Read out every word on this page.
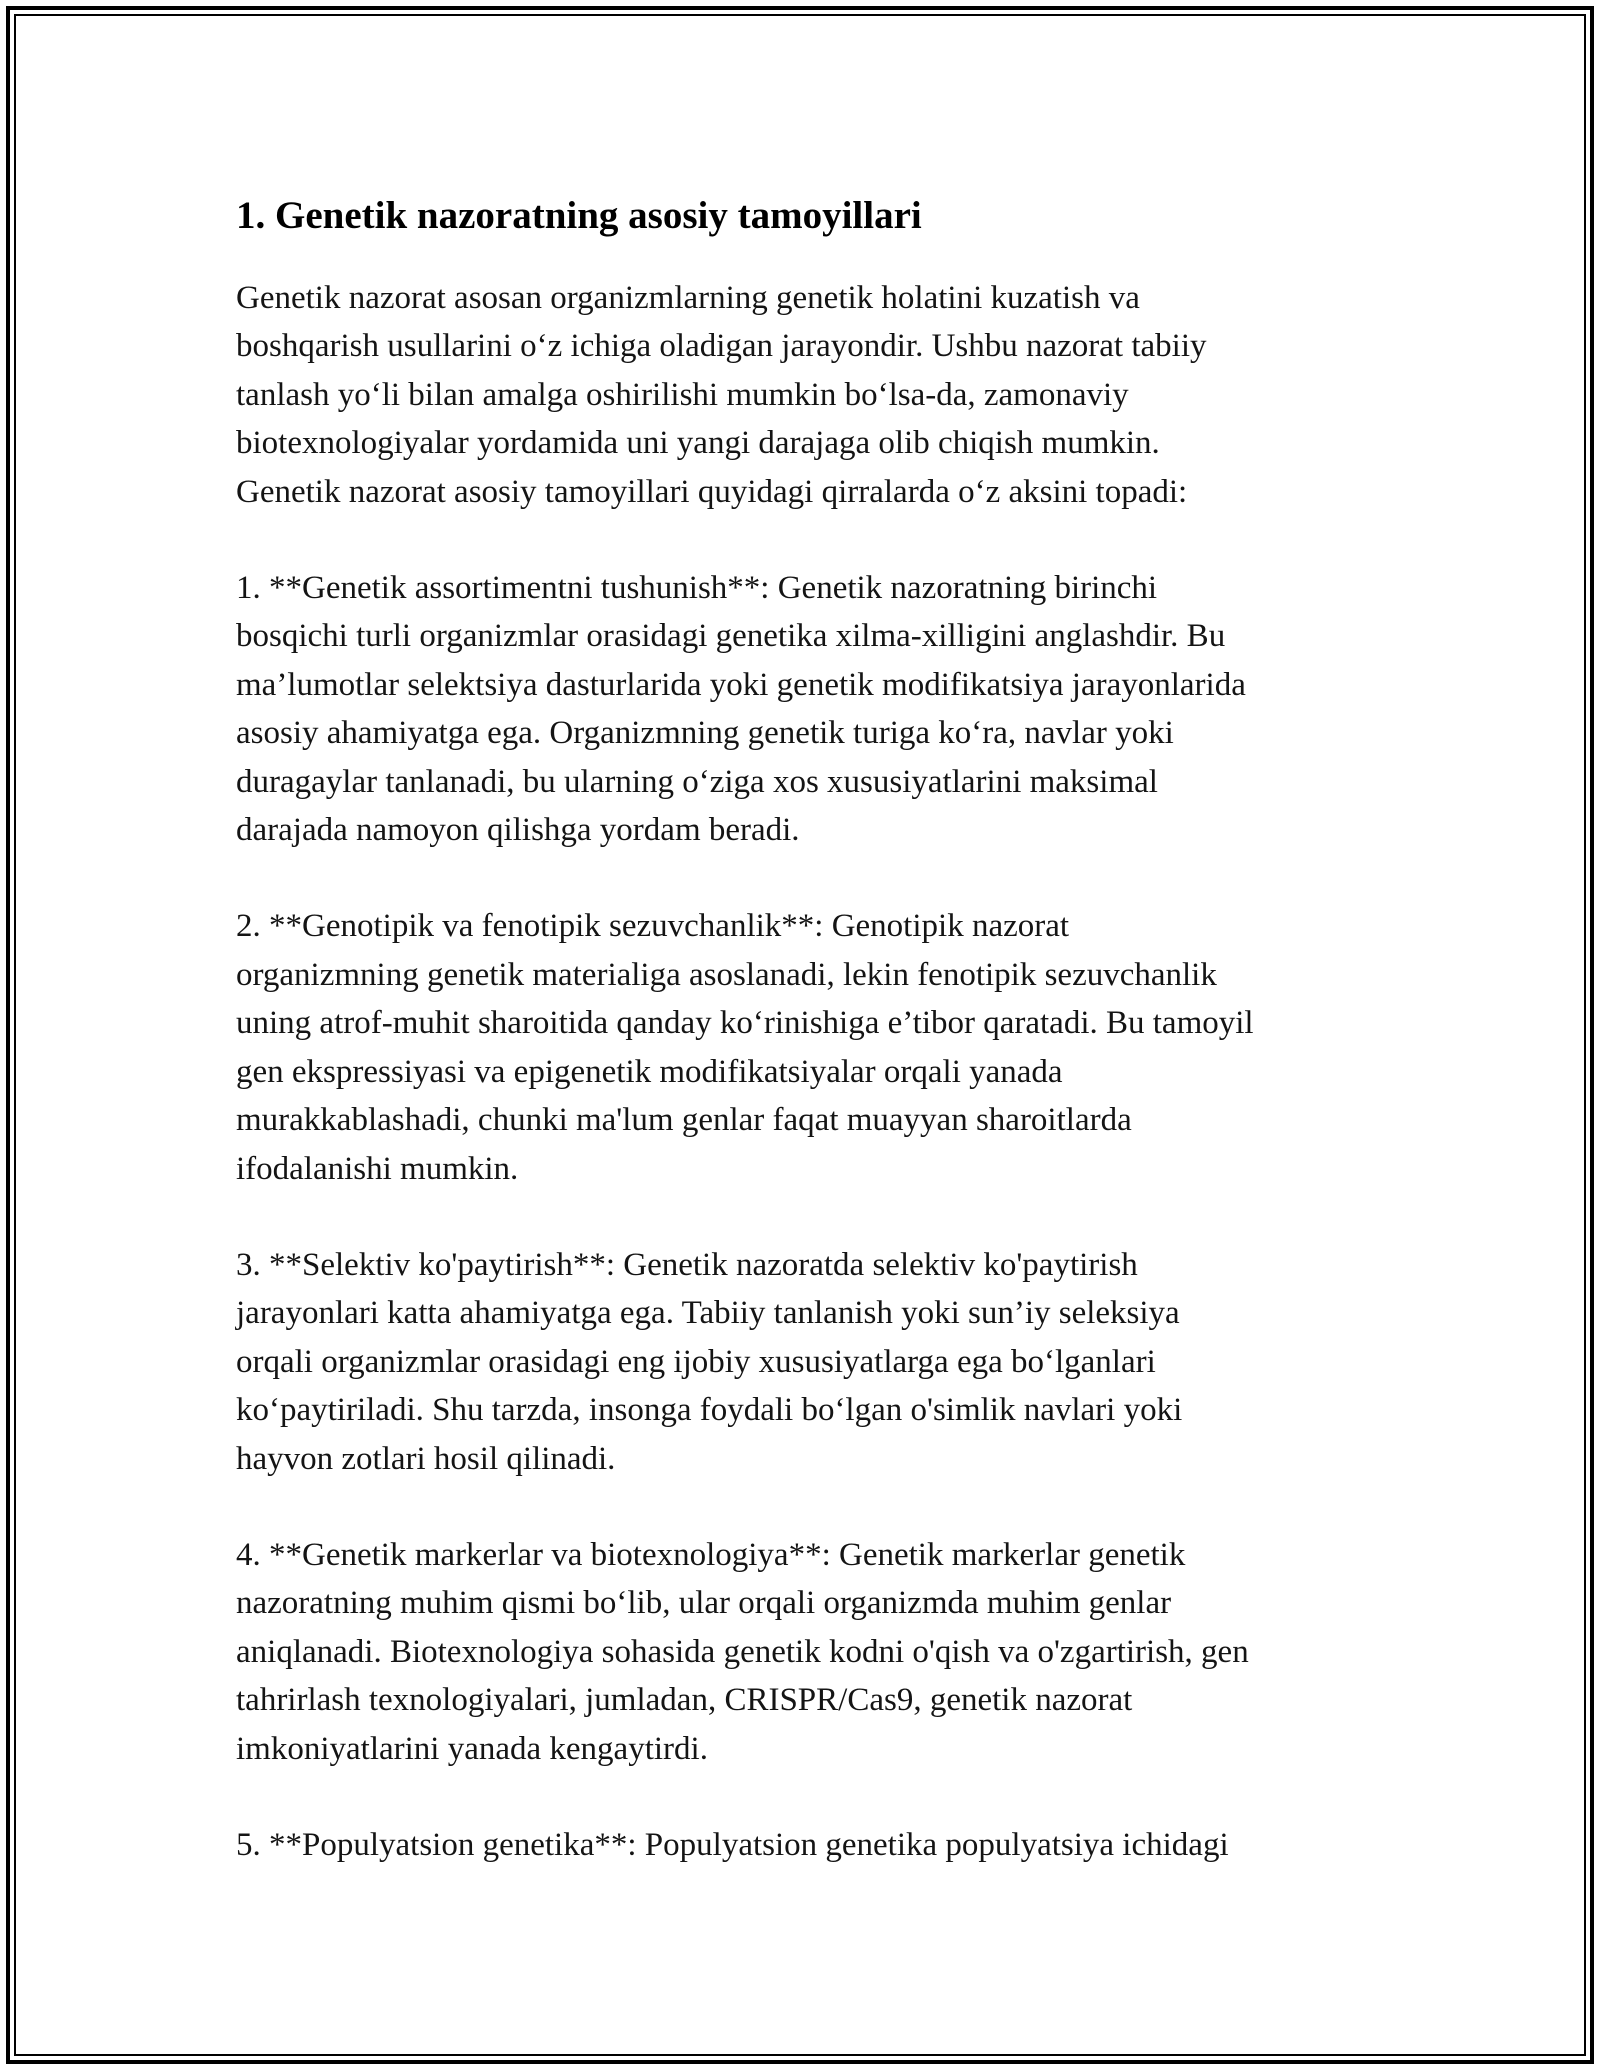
1. Genetik nazoratning asosiy tamoyillari

Genetik nazorat asosan organizmlarning genetik holatini kuzatish va
boshqarish usullarini o‘z ichiga oladigan jarayondir. Ushbu nazorat tabiiy
tanlash yo‘li bilan amalga oshirilishi mumkin bo‘lsa-da, zamonaviy
biotexnologiyalar yordamida uni yangi darajaga olib chiqish mumkin.
Genetik nazorat asosiy tamoyillari quyidagi qirralarda o‘z aksini topadi:

1. **Genetik assortimentni tushunish**: Genetik nazoratning birinchi
bosqichi turli organizmlar orasidagi genetika xilma-xilligini anglashdir. Bu
ma’lumotlar selektsiya dasturlarida yoki genetik modifikatsiya jarayonlarida
asosiy ahamiyatga ega. Organizmning genetik turiga ko‘ra, navlar yoki
duragaylar tanlanadi, bu ularning o‘ziga xos xususiyatlarini maksimal
darajada namoyon qilishga yordam beradi.

2. **Genotipik va fenotipik sezuvchanlik**: Genotipik nazorat
organizmning genetik materialiga asoslanadi, lekin fenotipik sezuvchanlik
uning atrof-muhit sharoitida qanday ko‘rinishiga e’tibor qaratadi. Bu tamoyil
gen ekspressiyasi va epigenetik modifikatsiyalar orqali yanada
murakkablashadi, chunki ma'lum genlar faqat muayyan sharoitlarda
ifodalanishi mumkin.

3. **Selektiv ko'paytirish**: Genetik nazoratda selektiv ko'paytirish
jarayonlari katta ahamiyatga ega. Tabiiy tanlanish yoki sun’iy seleksiya
orqali organizmlar orasidagi eng ijobiy xususiyatlarga ega bo‘lganlari
ko‘paytiriladi. Shu tarzda, insonga foydali bo‘lgan o'simlik navlari yoki
hayvon zotlari hosil qilinadi.

4. **Genetik markerlar va biotexnologiya**: Genetik markerlar genetik
nazoratning muhim qismi bo‘lib, ular orqali organizmda muhim genlar
aniqlanadi. Biotexnologiya sohasida genetik kodni o'qish va o'zgartirish, gen
tahrirlash texnologiyalari, jumladan, CRISPR/Cas9, genetik nazorat
imkoniyatlarini yanada kengaytirdi.

5. **Populyatsion genetika**: Populyatsion genetika populyatsiya ichidagi
